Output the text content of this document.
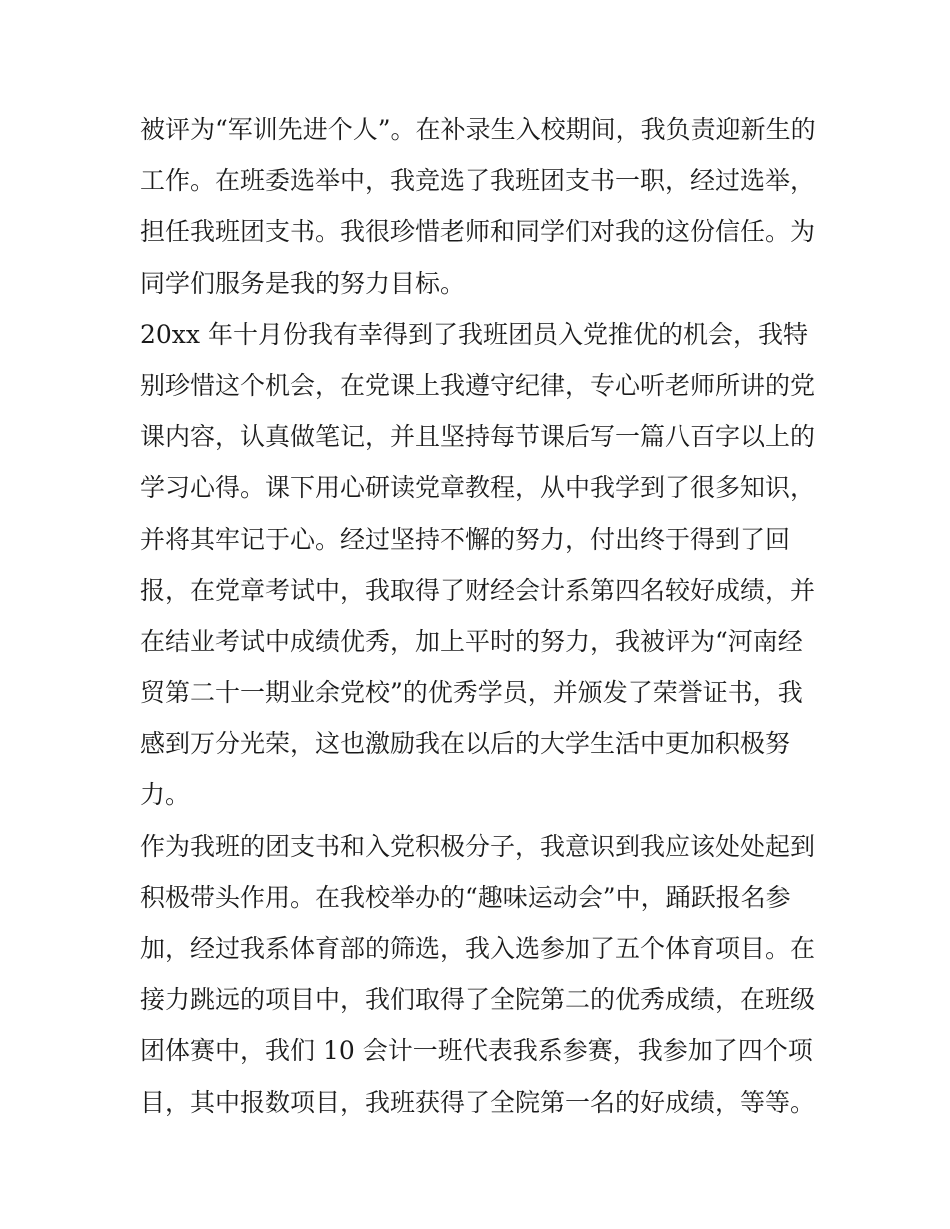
被评为“军训先进个人”。在补录生入校期间，我负责迎新生的
工作。在班委选举中，我竞选了我班团支书一职，经过选举，
担任我班团支书。我很珍惜老师和同学们对我的这份信任。为
同学们服务是我的努力目标。
20xx 年十月份我有幸得到了我班团员入党推优的机会，我特
别珍惜这个机会，在党课上我遵守纪律，专心听老师所讲的党
课内容，认真做笔记，并且坚持每节课后写一篇八百字以上的
学习心得。课下用心研读党章教程，从中我学到了很多知识，
并将其牢记于心。经过坚持不懈的努力，付出终于得到了回
报，在党章考试中，我取得了财经会计系第四名较好成绩，并
在结业考试中成绩优秀，加上平时的努力，我被评为“河南经
贸第二十一期业余党校”的优秀学员，并颁发了荣誉证书，我
感到万分光荣，这也激励我在以后的大学生活中更加积极努
力。
作为我班的团支书和入党积极分子，我意识到我应该处处起到
积极带头作用。在我校举办的“趣味运动会”中，踊跃报名参
加，经过我系体育部的筛选，我入选参加了五个体育项目。在
接力跳远的项目中，我们取得了全院第二的优秀成绩，在班级
团体赛中，我们 10 会计一班代表我系参赛，我参加了四个项
目，其中报数项目，我班获得了全院第一名的好成绩，等等。
